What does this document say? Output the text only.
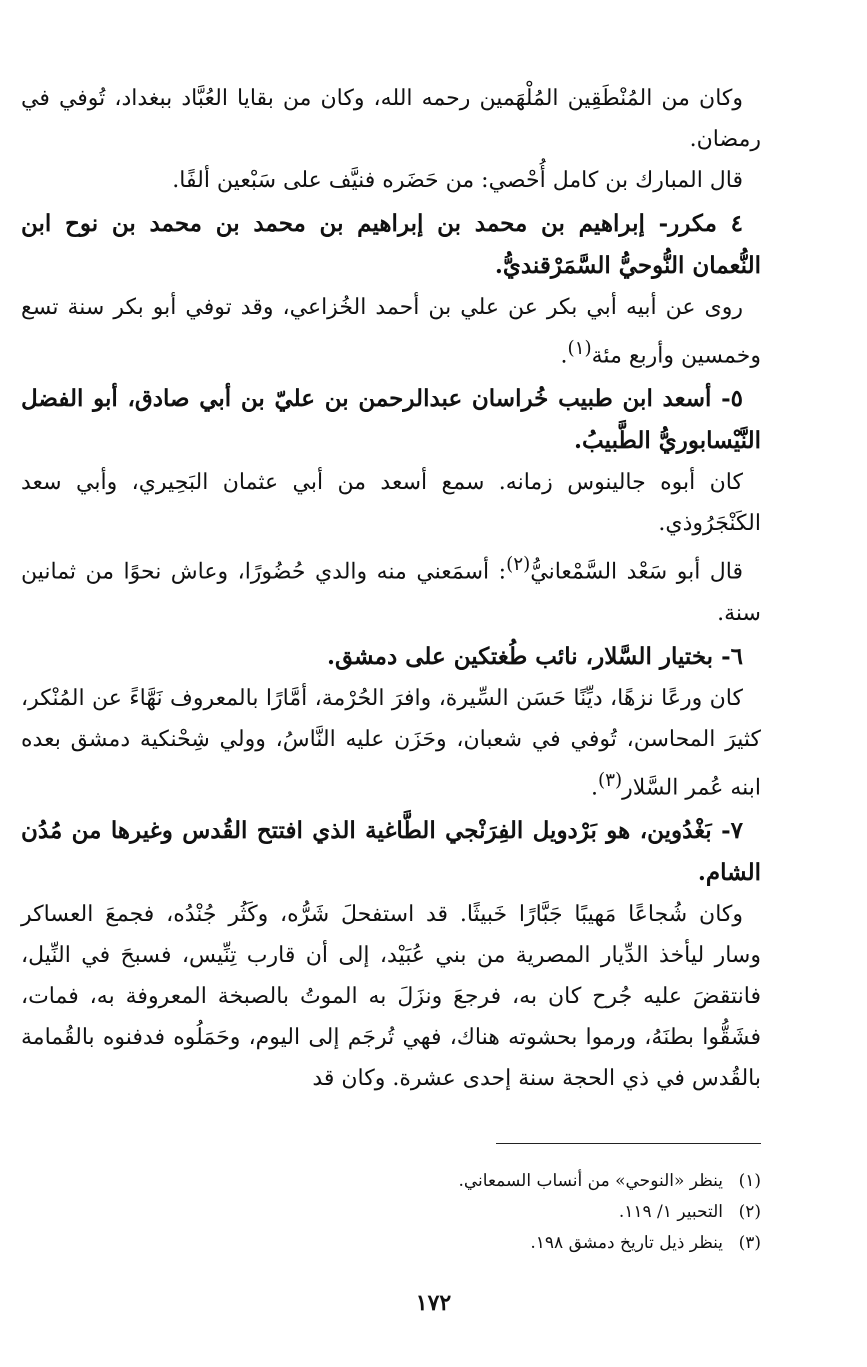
وكان من المُنْطَقِين المُلْهَمين رحمه الله، وكان من بقايا العُبَّاد ببغداد، تُوفي في رمضان.

قال المبارك بن كامل أُحْصي: من حَضَره فنيَّف على سَبْعين ألفًا.

٤ مكرر- إبراهيم بن محمد بن إبراهيم بن محمد بن محمد بن نوح ابن النُّعمان النُّوحيُّ السَّمَرْقنديُّ.

روى عن أبيه أبي بكر عن علي بن أحمد الخُزاعي، وقد توفي أبو بكر سنة تسع وخمسين وأربع مئة$^{(١)}$.

٥- أسعد ابن طبيب خُراسان عبدالرحمن بن عليّ بن أبي صادق، أبو الفضل النَّيْسابوريُّ الطَّبيبُ.

كان أبوه جالينوس زمانه. سمع أسعد من أبي عثمان البَحِيري، وأبي سعد الكَنْجَرُوذي.

قال أبو سَعْد السَّمْعانيُّ$^{(٢)}$: أسمَعني منه والدي حُضُورًا، وعاش نحوًا من ثمانين سنة.

٦- بختيار السَّلار، نائب طُغتكين على دمشق.

كان ورعًا نزهًا، ديِّنًا حَسَن السِّيرة، وافرَ الحُرْمة، أمَّارًا بالمعروف نَهَّاءً عن المُنْكر، كثيرَ المحاسن، تُوفي في شعبان، وحَزَن عليه النَّاسُ، وولي شِحْنكية دمشق بعده ابنه عُمر السَّلار$^{(٣)}$.

٧- بَغْدُوين، هو بَرْدويل الفِرَنْجي الطَّاغية الذي افتتح القُدس وغيرها من مُدُن الشام.

وكان شُجاعًا مَهيبًا جَبَّارًا خَبيثًا. قد استفحلَ شَرُّه، وكَثُر جُنْدُه، فجمعَ العساكر وسار ليأخذ الدِّيار المصرية من بني عُبَيْد، إلى أن قارب تِنِّيس، فسبحَ في النِّيل، فانتقضَ عليه جُرح كان به، فرجعَ ونزَلَ به الموتُ بالصبخة المعروفة به، فمات، فشَقُّوا بطنَهُ، ورموا بحشوته هناك، فهي تُرجَم إلى اليوم، وحَمَلُوه فدفنوه بالقُمامة بالقُدس في ذي الحجة سنة إحدى عشرة. وكان قد

(١)ينظر «النوحي» من أنساب السمعاني.

(٢)التحبير ١/ ١١٩.

(٣)ينظر ذيل تاريخ دمشق ١٩٨.

١٧٢
